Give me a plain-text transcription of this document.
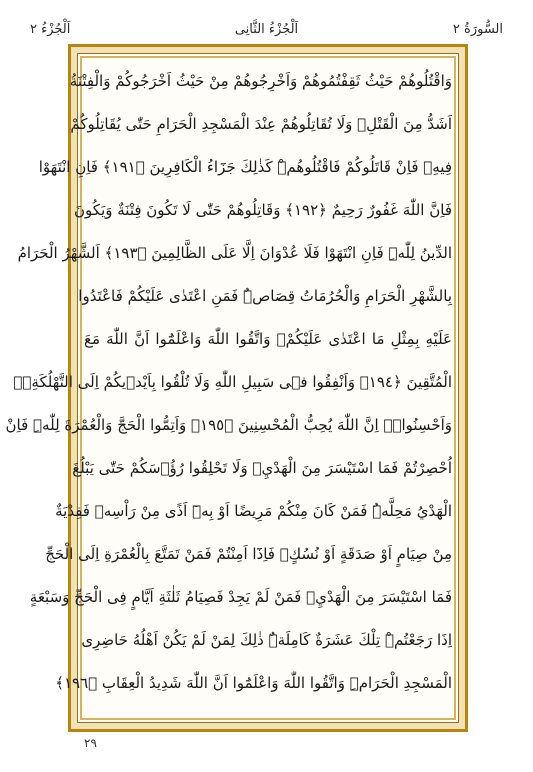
السُّورَةُ ٢
اَلْجُزْءُ الثَّانِى
اَلْجُزْءُ ٢
وَاقْتُلُوهُمْ حَيْثُ ثَقِفْتُمُوهُمْ وَاَخْرِجُوهُمْ مِنْ حَيْثُ اَخْرَجُوكُمْ وَالْفِتْنَةُ
اَشَدُّ مِنَ الْقَتْلِۚ وَلَا تُقَاتِلُوهُمْ عِنْدَ الْمَسْجِدِ الْحَرَامِ حَتّٰى يُقَاتِلُوكُمْ
فِيهِۚ فَاِنْ قَاتَلُوكُمْ فَاقْتُلُوهُمْۜ كَذٰلِكَ جَزَٓاءُ الْكَافِرِينَ ﴿١٩١﴾ فَاِنِ انْتَهَوْا
فَاِنَّ اللّٰهَ غَفُورٌ رَحِيمٌ ﴿١٩٢﴾ وَقَاتِلُوهُمْ حَتّٰى لَا تَكُونَ فِتْنَةٌ وَيَكُونَ
الدِّينُ لِلّٰهِۜ فَاِنِ انْتَهَوْا فَلَا عُدْوَانَ اِلَّا عَلَى الظَّالِمِينَ ﴿١٩٣﴾ اَلشَّهْرُ الْحَرَامُ
بِالشَّهْرِ الْحَرَامِ وَالْحُرُمَاتُ قِصَاصٌۜ فَمَنِ اعْتَدٰى عَلَيْكُمْ فَاعْتَدُوا
عَلَيْهِ بِمِثْلِ مَا اعْتَدٰى عَلَيْكُمْۖ وَاتَّقُوا اللّٰهَ وَاعْلَمُٓوا اَنَّ اللّٰهَ مَعَ
الْمُتَّقِينَ ﴿١٩٤﴾ وَاَنْفِقُوا فٖى سَبِيلِ اللّٰهِ وَلَا تُلْقُوا بِاَيْدٖيكُمْ اِلَى التَّهْلُكَةِۚۛ
وَاَحْسِنُواۚۛ اِنَّ اللّٰهَ يُحِبُّ الْمُحْسِنِينَ ﴿١٩٥﴾ وَاَتِمُّوا الْحَجَّ وَالْعُمْرَةَ لِلّٰهِۜ فَاِنْ
اُحْصِرْتُمْ فَمَا اسْتَيْسَرَ مِنَ الْهَدْيِۚ وَلَا تَحْلِقُوا رُؤُ۫سَكُمْ حَتّٰى يَبْلُغَ
الْهَدْيُ مَحِلَّهُۜ فَمَنْ كَانَ مِنْكُمْ مَرِيضًا اَوْ بِهٖٓ اَذًى مِنْ رَاْسِهٖ فَفِدْيَةٌ
مِنْ صِيَامٍ اَوْ صَدَقَةٍ اَوْ نُسُكٍۚ فَاِذَٓا اَمِنْتُمْ فَمَنْ تَمَتَّعَ بِالْعُمْرَةِ اِلَى الْحَجِّ
فَمَا اسْتَيْسَرَ مِنَ الْهَدْيِۚ فَمَنْ لَمْ يَجِدْ فَصِيَامُ ثَلٰثَةِ اَيَّامٍ فِى الْحَجِّ وَسَبْعَةٍ
اِذَا رَجَعْتُمْۜ تِلْكَ عَشَرَةٌ كَامِلَةٌۜ ذٰلِكَ لِمَنْ لَمْ يَكُنْ اَهْلُهُ حَاضِرِى
الْمَسْجِدِ الْحَرَامِۜ وَاتَّقُوا اللّٰهَ وَاعْلَمُٓوا اَنَّ اللّٰهَ شَدِيدُ الْعِقَابِ ﴿١٩٦﴾
٢٩
